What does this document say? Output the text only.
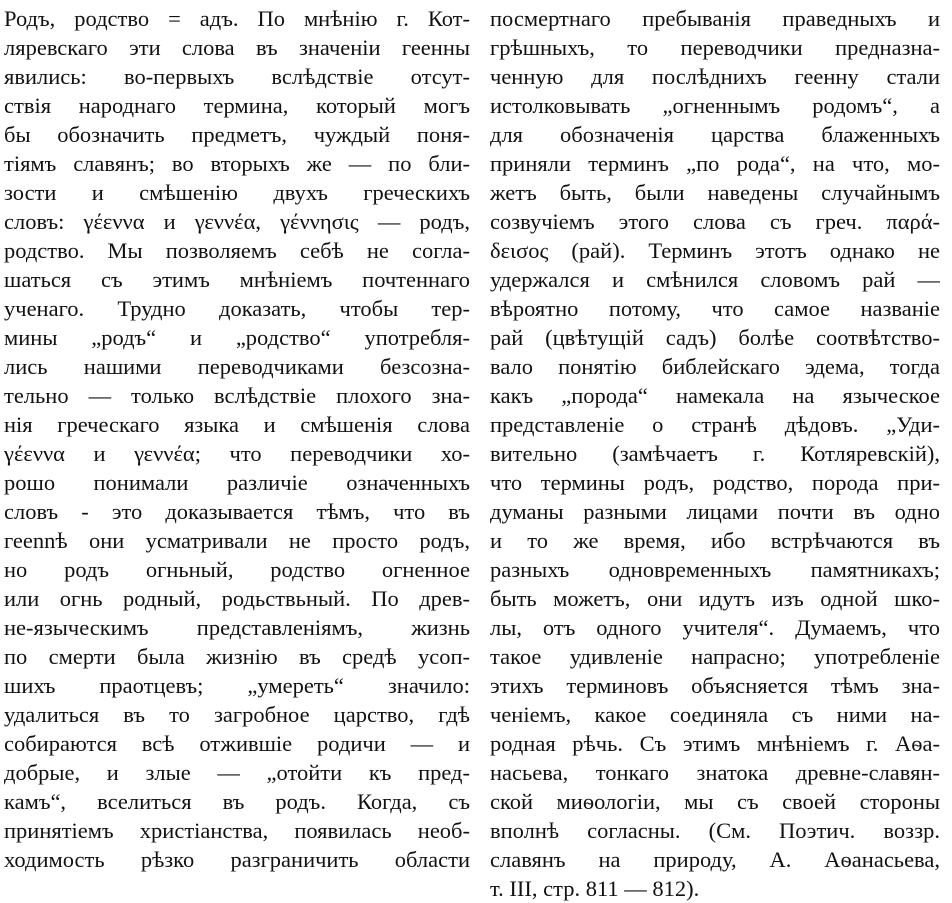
Родъ, родство = адъ. По мнѣнію г. Кот-
ляревскаго эти слова въ значеніи геенны
явились: во-первыхъ вслѣдствіе отсут-
ствія народнаго термина, который могъ
бы обозначить предметъ, чуждый поня-
тіямъ славянъ; во вторыхъ же — по бли-
зости и смѣшенію двухъ греческихъ
словъ: γέεννα и γεννέα, γέννησις — родъ,
родство. Мы позволяемъ себѣ не согла-
шаться съ этимъ мнѣніемъ почтеннаго
ученаго. Трудно доказать, чтобы тер-
мины „родъ“ и „родство“ употребля-
лись нашими переводчиками безсозна-
тельно — только вслѣдствіе плохого зна-
нія греческаго языка и смѣшенія слова
γέεννα и γεννέα; что переводчики хо-
рошо понимали различіе означенныхъ
словъ - это доказывается тѣмъ, что въ
геennѣ они усматривали не просто родъ,
но родъ огньный, родство огненное
или огнь родный, родьствьный. По древ-
не-языческимъ представленіямъ, жизнь
по смерти была жизнію въ средѣ усоп-
шихъ праотцевъ; „умереть“ значило:
удалиться въ то загробное царство, гдѣ
собираются всѣ отжившіе родичи — и
добрые, и злые — „отойти къ пред-
камъ“, вселиться въ родъ. Когда, съ
принятіемъ христіанства, появилась необ-
ходимость рѣзко разграничить области
посмертнаго пребыванія праведныхъ и
грѣшныхъ, то переводчики предназна-
ченную для послѣднихъ геенну стали
истолковывать „огненнымъ родомъ“, а
для обозначенія царства блаженныхъ
приняли терминъ „по рода“, на что, мо-
жетъ быть, были наведены случайнымъ
созвучіемъ этого слова съ греч. παρά-
δεισος (рай). Терминъ этотъ однако не
удержался и смѣнился словомъ рай —
вѣроятно потому, что самое названіе
рай (цвѣтущій садъ) болѣе соотвѣтство-
вало понятію библейскаго эдема, тогда
какъ „порода“ намекала на языческое
представленіе о странѣ дѣдовъ. „Уди-
вительно (замѣчаетъ г. Котляревскій),
что термины родъ, родство, порода при-
думаны разными лицами почти въ одно
и то же время, ибо встрѣчаются въ
разныхъ одновременныхъ памятникахъ;
быть можетъ, они идутъ изъ одной шко-
лы, отъ одного учителя“. Думаемъ, что
такое удивленіе напрасно; употребленіе
этихъ терминовъ объясняется тѣмъ зна-
ченіемъ, какое соединяла съ ними на-
родная рѣчь. Съ этимъ мнѣніемъ г. Аѳа-
насьева, тонкаго знатока древне-славян-
ской миѳологіи, мы съ своей стороны
вполнѣ согласны. (См. Поэтич. воззр.
славянъ на природу, А. Аѳанасьева,
т. III, стр. 811 — 812).
